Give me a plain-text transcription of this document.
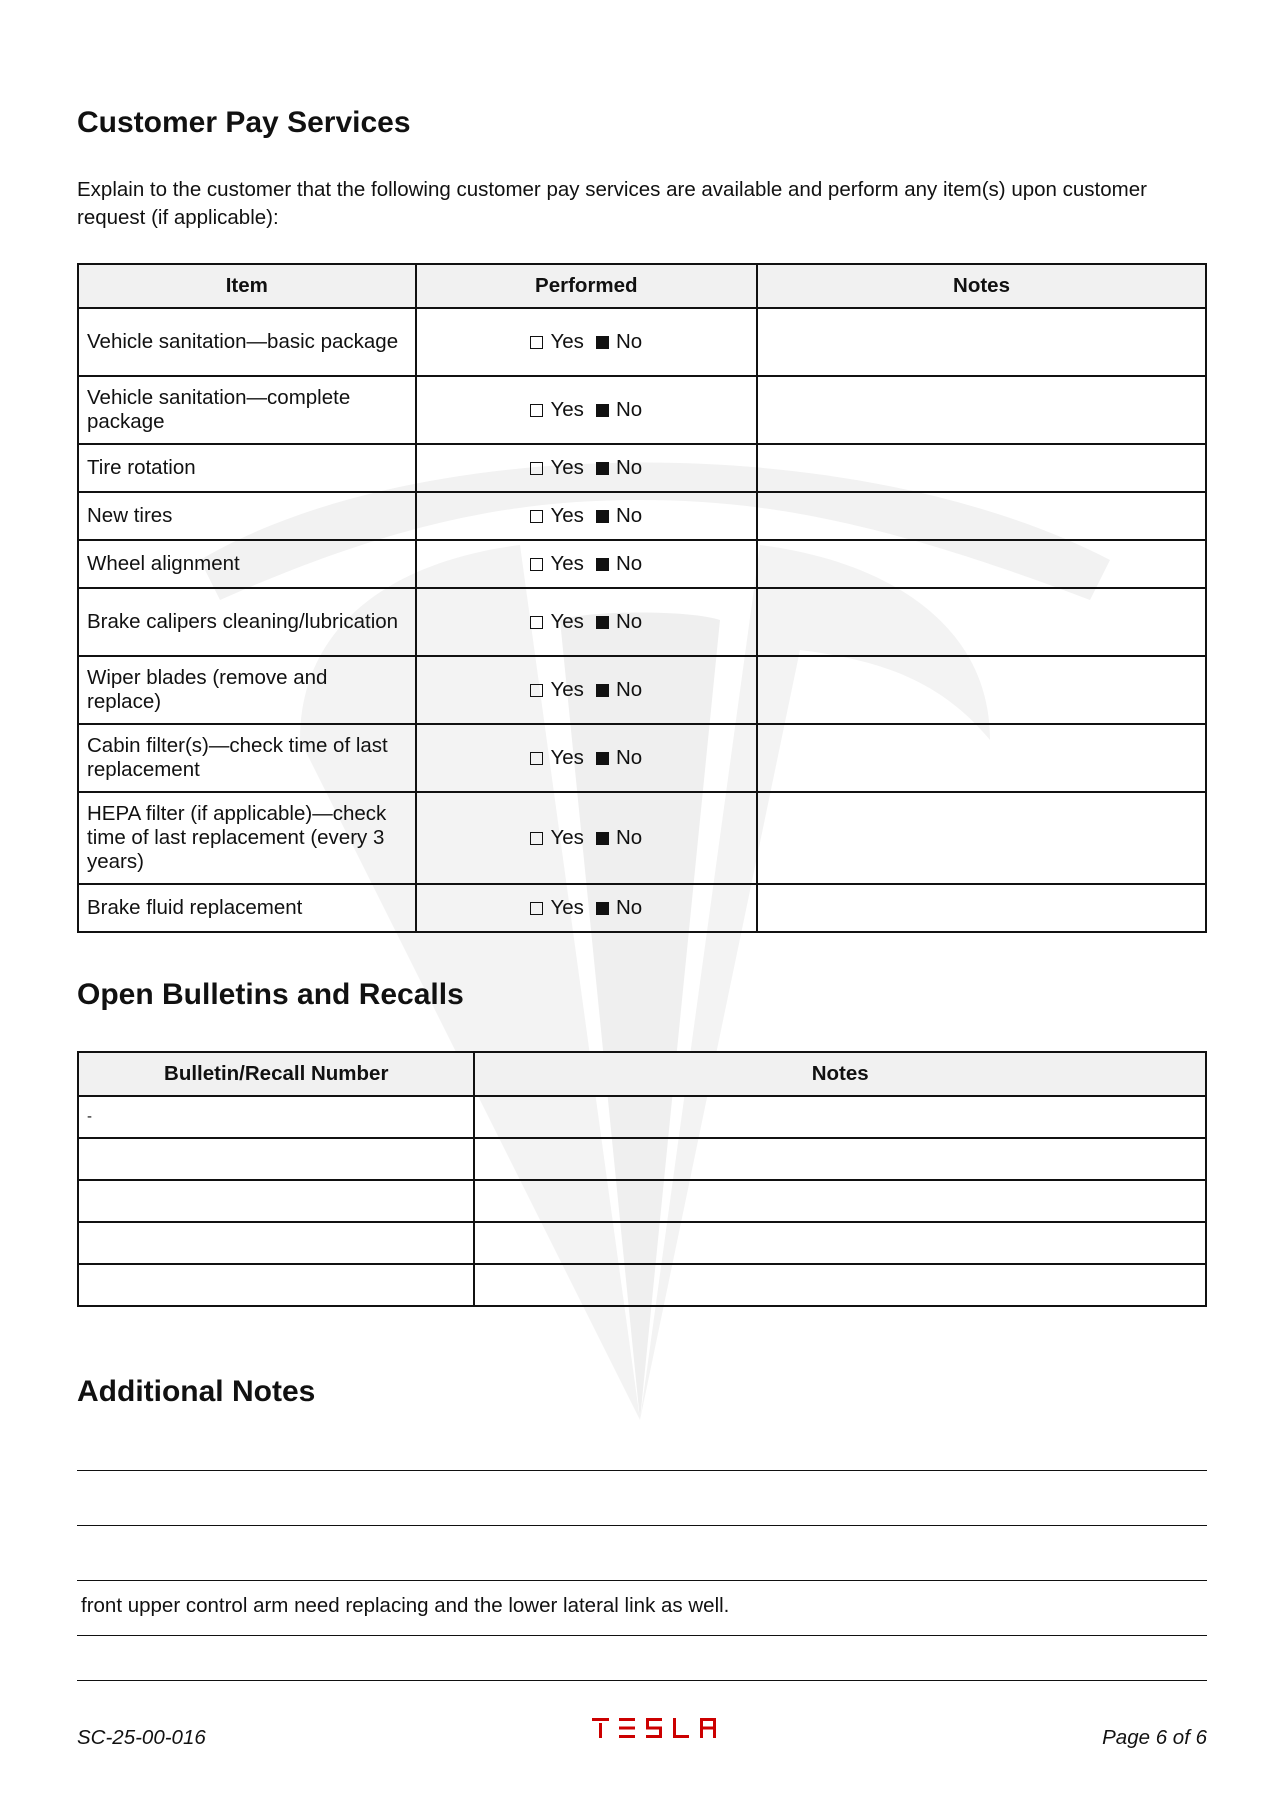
Customer Pay Services
Explain to the customer that the following customer pay services are available and perform any item(s) upon customer request (if applicable):
Item	Performed	Notes
Vehicle sanitation—basic package	Yes No	
Vehicle sanitation—complete package	Yes No	
Tire rotation	Yes No	
New tires	Yes No	
Wheel alignment	Yes No	
Brake calipers cleaning/lubrication	Yes No	
Wiper blades (remove and replace)	Yes No	
Cabin filter(s)—check time of last replacement	Yes No	
HEPA filter (if applicable)—check time of last replacement (every 3 years)	Yes No	
Brake fluid replacement	Yes No	
Open Bulletins and Recalls
Bulletin/Recall Number	Notes
-	

Additional Notes
front upper control arm need replacing and the lower lateral link as well.
SC-25-00-016	Page 6 of 6
